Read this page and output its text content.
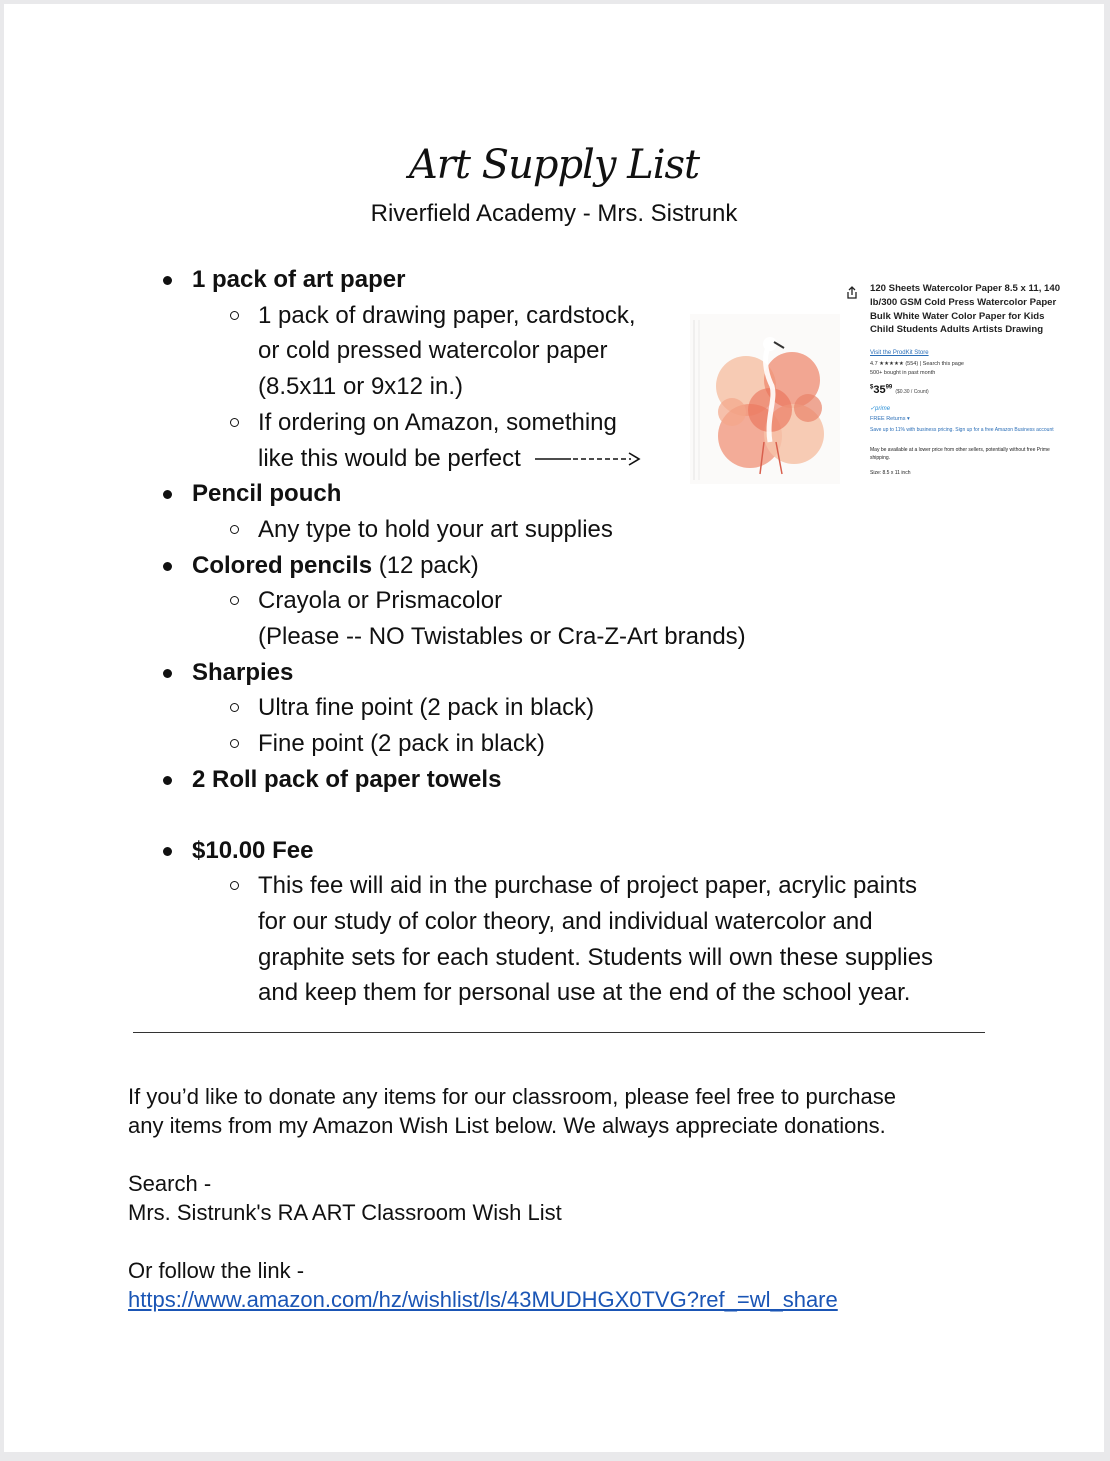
Art Supply List
Riverfield Academy - Mrs. Sistrunk
1 pack of art paper
1 pack of drawing paper, cardstock,
or cold pressed watercolor paper
(8.5x11 or 9x12 in.)
If ordering on Amazon, something
like this would be perfect
Pencil pouch
Any type to hold your art supplies
Colored pencils (12 pack)
Crayola or Prismacolor
(Please -- NO Twistables or Cra-Z-Art brands)
Sharpies
Ultra fine point (2 pack in black)
Fine point (2 pack in black)
2 Roll pack of paper towels
$10.00 Fee
This fee will aid in the purchase of project paper, acrylic paints
for our study of color theory, and individual watercolor and
graphite sets for each student. Students will own these supplies
and keep them for personal use at the end of the school year.
120 Sheets Watercolor Paper 8.5 x 11, 140 lb/300 GSM Cold Press Watercolor Paper Bulk White Water Color Paper for Kids Child Students Adults Artists Drawing
Visit the ProdKit Store
4.7 ★★★★★ (554) | Search this page
500+ bought in past month
$^{\$}35^{99}$ ($0.30 / Count)
✓prime
FREE Returns ▾
Save up to 11% with business pricing. Sign up for a free Amazon Business account
May be available at a lower price from other sellers, potentially without free Prime shipping.
Size: 8.5 x 11 inch

If you’d like to donate any items for our classroom, please feel free to purchase

any items from my Amazon Wish List below. We always appreciate donations.

Search -

Mrs. Sistrunk's RA ART Classroom Wish List

Or follow the link -

https://www.amazon.com/hz/wishlist/ls/43MUDHGX0TVG?ref_=wl_share
